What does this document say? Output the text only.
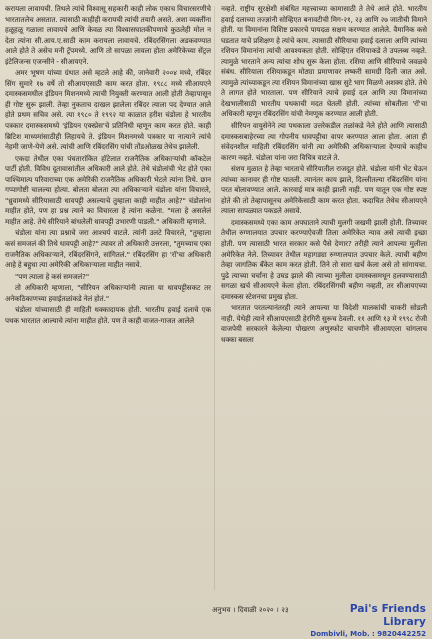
करायला लावायची. तिथले त्यांचे विश्वासू सहकारी काही लोक एकाच विचारसरणीचे भारतातलेच असतात. त्यासाठी काहीही करायची त्यांची तयारी असते. अशा व्यक्तींना हळूहळू गळाला लावायचे आणि केवळ त्या विश्वासघातकीपणाचे कुठलेही मोल न देता त्यांना सी.आय.ए.साठी काम करायला लावायचे. रबिंदरसिंगला अडकवण्यात आले होते ते असेच मनी ट्रॅपमध्ये. आणि तो सापळा लावला होता अमेरिकेच्या सेंट्रल इंटेलिजन्स एजन्सीने - सीआयएने.

अमर भूषण यांच्या ग्रंथात असे म्हटले आहे की, जानेवारी २००४ मध्ये, रबिंदर सिंग सुमारे १७ वर्षे तो सीआयएसाठी काम करत होता. १९८८ मध्ये सीआयएने दमास्कसमधील इंडियन मिशनमध्ये त्याची नियुक्ती करण्यात आली होती तेव्हापासून ही गोष्ट सुरू झाली. तेव्हा नुकताच दाखल झालेला रबिंदर त्याला पद देण्यात आले होते प्रथम सचिव असे. त्या १९८० ते १९९२ या काळात हरीश चंडोला हे भारतीय पत्रकार दमास्कसमध्ये 'इंडियन एक्स्प्रेस'चे प्रतिनिधी म्हणून काम करत होते. काही ब्रिटिश माध्यमांसाठीही लिहायचे ते. इंडियन मिशनमध्ये पत्रकार या नात्याने त्यांचे नेहमी जाणे-येणे असे. त्यांची आणि रबिंदरसिंग यांची तोंडओळख तेथेच झालेली.

एकदा तेथील एका पंचतारांकित हॉटेलात राजनैतिक अधिकाऱ्यांची कॉकटेल पार्टी होती. विविध दूतावासांतील अधिकारी आले होते. तेथे चंडोलांची भेट होते एका पाश्चिमात्य परिवाराच्या एक अमेरिकी राजनैतिक अधिकारी भेटले त्यांना तिथे. छान गप्पागोष्टी चालल्या होत्या. बोलता बोलता त्या अधिकाऱ्याने चंडोला यांना विचारले, "ध्रुवामध्ये सीरियासाठी धावपट्टी असल्याचे तुम्हाला काही माहीत आहे?" चंडोलांना माहीत होते, पण हा प्रश्न त्याने का विचारला हे त्यांना कळेना. "मला हे असलेलं माहीत आहे. तेथे सीरियाने बांधलेली धावपट्टी उभारणी पाडली." अधिकारी म्हणाले.

चंडोला यांना त्या प्रश्नाचे जरा आश्चर्य वाटले. त्यांनी उलटे विचारले, "तुम्हाला कसं समजलं की तिथे धावपट्टी आहे?" त्यावर तो अधिकारी उत्तरला, "तुमच्याच एका राजनैतिक अधिकाऱ्याने, रबिंदरसिंगने, सांगितलं." रबिंदरसिंग हा 'रॉ'चा अधिकारी आहे हे बहुधा त्या अमेरिकी अधिकाऱ्याला माहीत नसावे.

"पण त्याला हे कसं समजलं?"

तो अधिकारी म्हणाला, "सीरियन अधिकाऱ्यांनी त्याला या धावपट्टीसकट तर अनेकठिकाणच्या हवाईतळांकडे नेलं होतं."

चंडोला यांच्यासाठी ही माहिती धक्कादायक होती. भारतीय हवाई दलाचे एक पथक भारतात आल्याचे त्यांना माहीत होते. पण ते काही वाजत-गाजत आलेले

नव्हते. राष्ट्रीय सुरक्षेशी संबंधित महत्त्वाच्या कामासाठी ते तेथे आले होते. भारतीय हवाई दलाच्या तज्ज्ञांनी सोव्हिएत बनावटीची मिग-२१, २३ आणि २७ जातीची विमाने होती. या विमानांना विशिष्ट प्रकारचे पायदळ सक्षम करण्यात आलेले. वैमानिक कसे घडतात याचे प्रशिक्षण हे त्यांचे काम. त्यासाठी सीरियाचा हवाई दलाला आणि त्यांच्या रशियन विमानांना त्यांची आवश्यकता होती. सोव्हिएत रशियाकडे ते उपलब्ध नव्हते. त्यामुळे भारताने अन्य त्यांचा शोध सुरू केला होता. रशिया आणि सीरियाचे जवळचे संबंध. सीरियाला रशियाकडून मोठ्या प्रमाणावर लष्करी सामग्री दिली जात असे. त्यामुळे त्यांच्याकडून त्या रशियन विमानांच्या खास सुटे भाग मिळणे अशक्य होते. तेथे ते लागत होते भारताला. पण सीरियाने त्याचे हवाई दल आणि त्या विमानांच्या देखभालीसाठी भारतीय पथकाची मदत घेतली होती. त्यांच्या सोबतीला 'रॉ'चा अधिकारी म्हणून रबिंदरसिंग यांची नेमणूक करण्यात आली होती.

सीरियन वायुसेनेने त्या पथकाला उत्तरेकडील तळांकडे नेले होते आणि त्यासाठी दमास्कसबाहेरच्या त्या गोपनीय धावपट्टीचा वापर करण्यात आला होता. आता ही संवेदनशील माहिती रबिंदरसिंग यांनी त्या अमेरिकी अधिकाऱ्याला देण्याचे काहीच कारण नव्हते. चंडोला यांना जरा विचित्र वाटले ते.

संशय मुळात हे तेव्हा भारताचे सीरियातील राजदूत होते. चंडोला यांनी भेट घेऊन त्यांच्या कानावर ही गोष्ट घातली. त्यानंतर काय झाले, दिल्लीतल्या रबिंदरसिंग यांना परत बोलावण्यात आले. कारवाई मात्र काही झाली नाही. पण यातून एक गोष्ट स्पष्ट होते की तो तेव्हापासूनच अमेरिकेसाठी काम करत होता. कदाचित तेथेच सीआयएने त्याला सापळ्यात पकडले असावे.

दमास्कसमध्ये एका काम अपघाताने त्याची मुलगी जखमी झाली होती. तिच्यावर तेथील रुग्णालयात उपचार करण्याऐवजी तिला अमेरिकेत न्याव असे त्याची इच्छा होती. पण त्यासाठी भारत सरकार कसे पैसे देणार? तरीही त्याने आपल्या मुलीला अमेरिकेत नेले. तिच्यावर तेथील महागड्या रुग्णालयात उपचार केले. त्याची बहीण तेव्हा जागतिक बँकेत काम करत होती. तिने तो सारा खर्च केला असे तो सांगायचा. पुढे त्याच्या चर्चांना हे उघड झाले की त्याच्या मुलीला दमास्कसमधून हलवण्यासाठी सगळा खर्च सीआयएने केला होता. रबिंदरसिंगची बहीण नव्हती, तर सीआयएच्या दमास्कस स्टेशनचा प्रमुख होता.

भारतात परतल्यानंतरही त्याने आपल्या या विदेशी मालकांची चाकरी सोडली नाही. येथेही त्याने सीआयएसाठी हेरगिरी सुरूच ठेवली. ११ आणि १३ मे १९९८ रोजी वाजपेयी सरकारने केलेल्या पोखरण अणुस्फोट चाचणीने सीआयएला चांगलाच धक्का बसला

अनुभव । दिवाळी २०२० । २३	Pai's Friends Library
Dombivli, Mob. : 9820442252
